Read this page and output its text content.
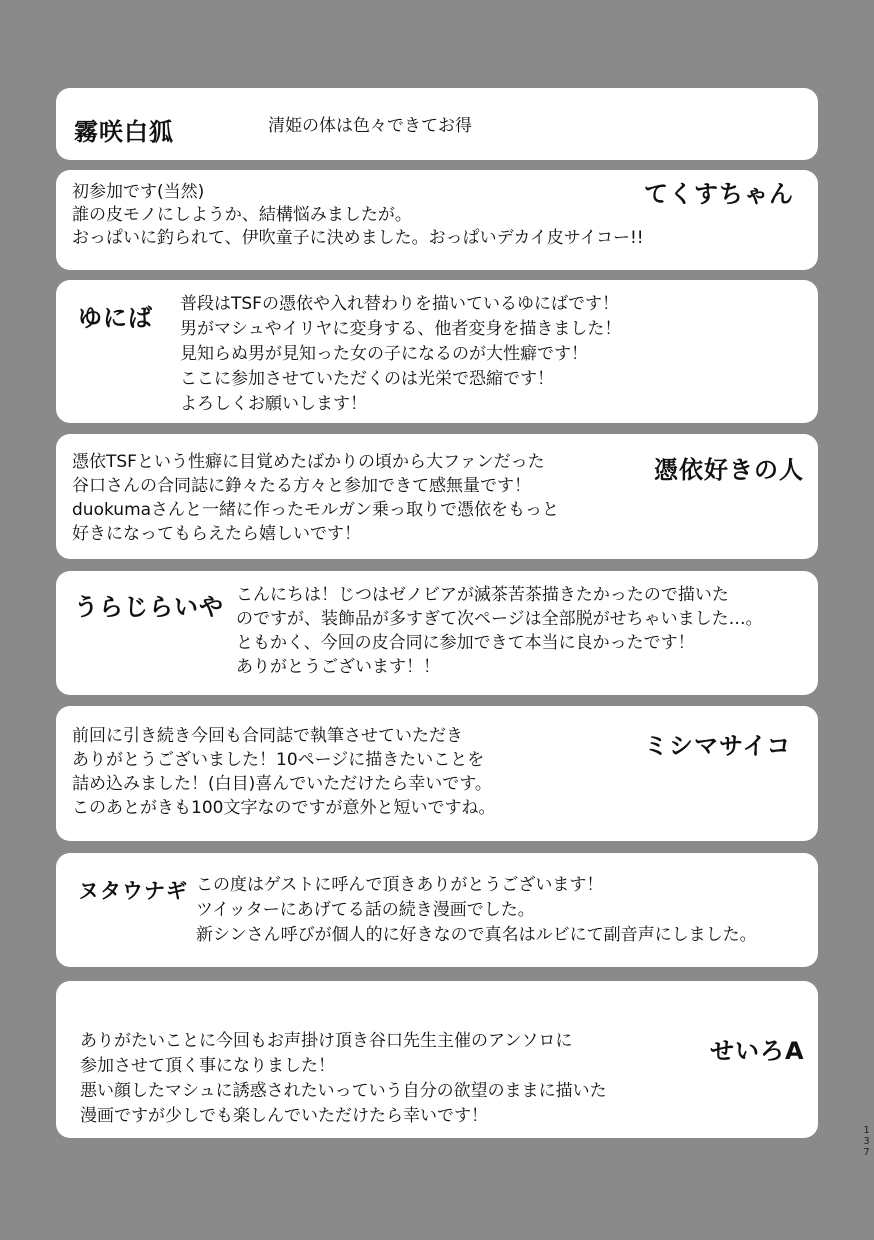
霧咲白狐	清姫の体は色々できてお得
てくすちゃん
初参加です(当然)
誰の皮モノにしようか、結構悩みましたが。
おっぱいに釣られて、伊吹童子に決めました。おっぱいデカイ皮サイコー!!
ゆにば 普段はTSFの憑依や入れ替わりを描いているゆにばです！
男がマシュやイリヤに変身する、他者変身を描きました！
見知らぬ男が見知った女の子になるのが大性癖です！
ここに参加させていただくのは光栄で恐縮です！
よろしくお願いします！
憑依好きの人
憑依TSFという性癖に目覚めたばかりの頃から大ファンだった
谷口さんの合同誌に錚々たる方々と参加できて感無量です！
duokumaさんと一緒に作ったモルガン乗っ取りで憑依をもっと
好きになってもらえたら嬉しいです！
うらじらいや こんにちは！じつはゼノビアが滅茶苦茶描きたかったので描いた
のですが、装飾品が多すぎて次ページは全部脱がせちゃいました…。
ともかく、今回の皮合同に参加できて本当に良かったです！
ありがとうございます！！
ミシマサイコ
前回に引き続き今回も合同誌で執筆させていただき
ありがとうございました！10ページに描きたいことを
詰め込みました！(白目)喜んでいただけたら幸いです。
このあとがきも100文字なのですが意外と短いですね。
ヌタウナギ この度はゲストに呼んで頂きありがとうございます！
ツイッターにあげてる話の続き漫画でした。
新シンさん呼びが個人的に好きなので真名はルビにて副音声にしました。
せいろA
ありがたいことに今回もお声掛け頂き谷口先生主催のアンソロに
参加させて頂く事になりました！
悪い顔したマシュに誘惑されたいっていう自分の欲望のままに描いた
漫画ですが少しでも楽しんでいただけたら幸いです！
137
